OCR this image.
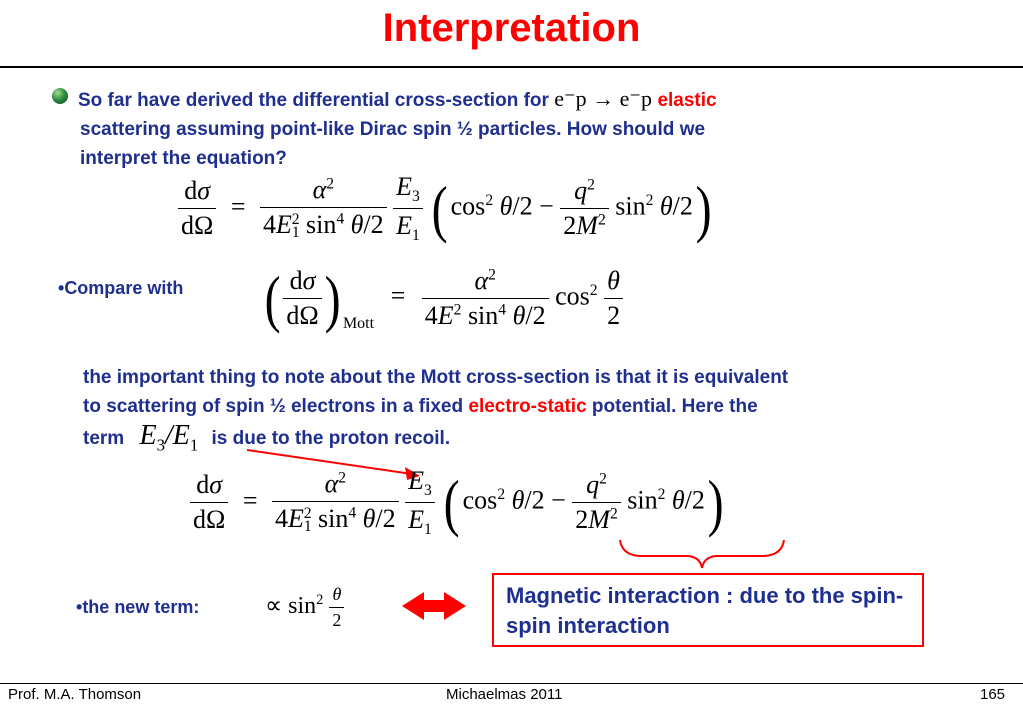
Interpretation
So far have derived the differential cross-section for e⁻p → e⁻p elastic
scattering assuming point-like Dirac spin ½ particles. How should we
interpret the equation?
$\frac{d\sigma}{d\Omega} = \frac{\alpha^2}{4E_1^2 \sin^4 \theta/2}$
$\frac{E_3}{E_1}$ ( $\cos^2 \theta/2 - \frac{q^2}{2M^2} \sin^2 \theta/2$)
•Compare with ( $\frac{d\sigma}{d\Omega}$ ) $_{Mott} = \frac{\alpha^2}{4E^2 \sin^4 \theta/2} \cos^2 \frac{\theta}{2}$
the important thing to note about the Mott cross-section is that it is equivalent
to scattering of spin ½ electrons in a fixed electro-static potential. Here the
term $E_3/E_1$ is due to the proton recoil.
$\frac{d\sigma}{d\Omega} = \frac{\alpha^2}{4E_1^2 \sin^4 \theta/2}$
$\frac{E_3}{E_1}$ ( $\cos^2 \theta/2 - \frac{q^2}{2M^2} \sin^2 \theta/2$)
•the new term:	∝ $\sin^2 \frac{\theta}{2}$	Magnetic interaction : due to the spin-spin interaction
Prof. M.A. Thomson	Michaelmas 2011	165
